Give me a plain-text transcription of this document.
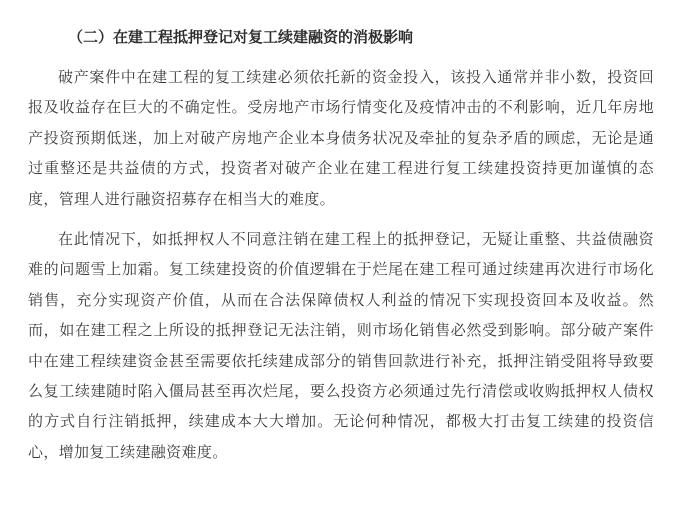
（二）在建工程抵押登记对复工续建融资的消极影响

破产案件中在建工程的复工续建必须依托新的资金投入，该投入通常并非小数，投资回报及收益存在巨大的不确定性。受房地产市场行情变化及疫情冲击的不利影响，近几年房地产投资预期低迷，加上对破产房地产企业本身债务状况及牵扯的复杂矛盾的顾虑，无论是通过重整还是共益债的方式，投资者对破产企业在建工程进行复工续建投资持更加谨慎的态度，管理人进行融资招募存在相当大的难度。

在此情况下，如抵押权人不同意注销在建工程上的抵押登记，无疑让重整、共益债融资难的问题雪上加霜。复工续建投资的价值逻辑在于烂尾在建工程可通过续建再次进行市场化销售，充分实现资产价值，从而在合法保障债权人利益的情况下实现投资回本及收益。然而，如在建工程之上所设的抵押登记无法注销，则市场化销售必然受到影响。部分破产案件中在建工程续建资金甚至需要依托续建成部分的销售回款进行补充，抵押注销受阻将导致要么复工续建随时陷入僵局甚至再次烂尾，要么投资方必须通过先行清偿或收购抵押权人债权的方式自行注销抵押，续建成本大大增加。无论何种情况，都极大打击复工续建的投资信心，增加复工续建融资难度。
